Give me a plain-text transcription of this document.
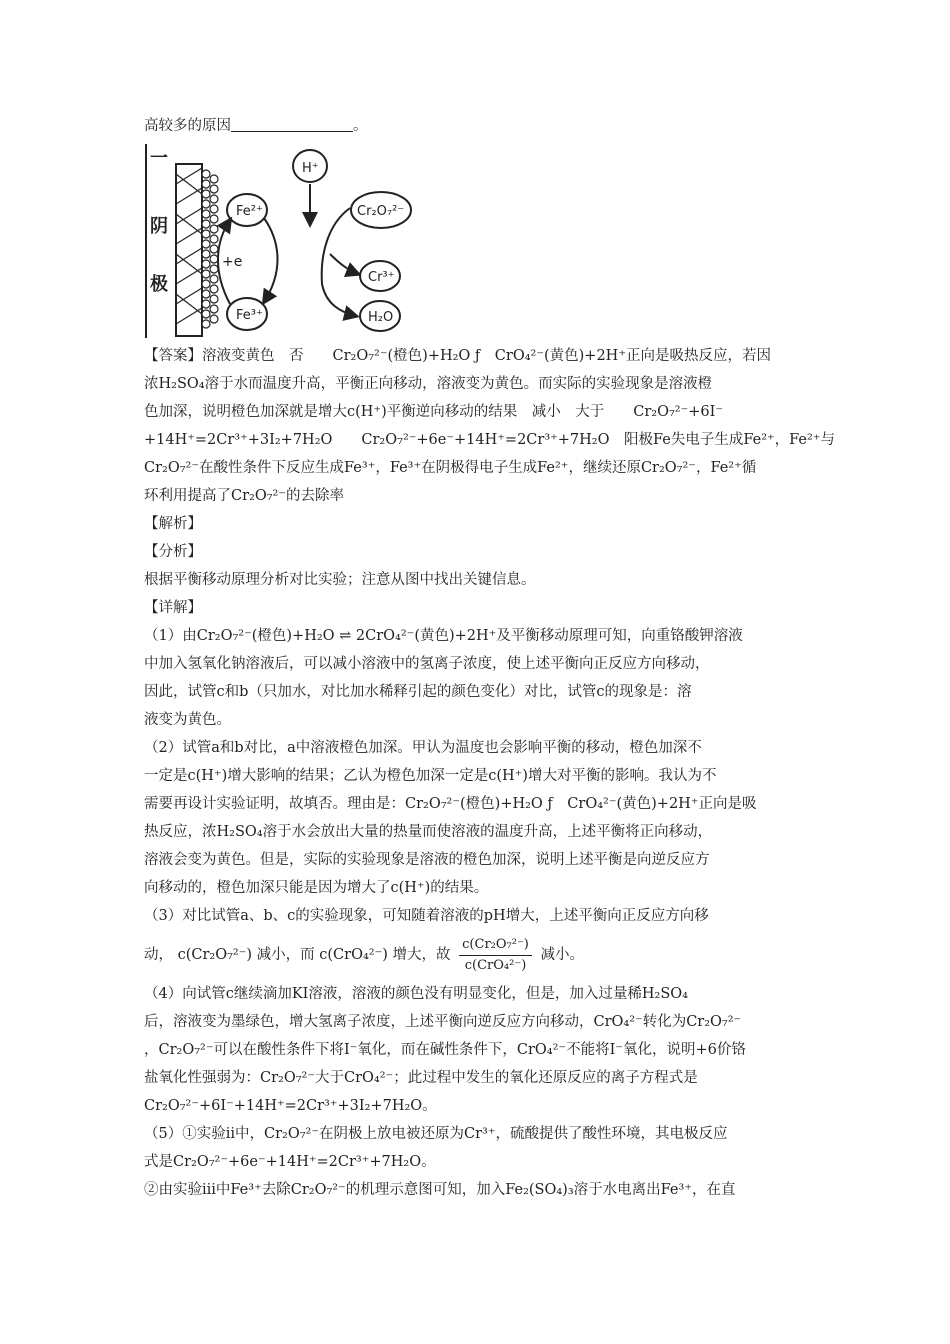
高较多的原因	。
一
阴
极
Fe²⁺
Fe³⁺
H⁺
Cr₂O₇²⁻
Cr³⁺
H₂O
+e
【答案】溶液变黄色　否　　Cr₂O₇²⁻(橙色)+H₂O ƒ　CrO₄²⁻(黄色)+2H⁺正向是吸热反应，若因
浓H₂SO₄溶于水而温度升高，平衡正向移动，溶液变为黄色。而实际的实验现象是溶液橙
色加深，说明橙色加深就是增大c(H⁺)平衡逆向移动的结果　减小　大于　　Cr₂O₇²⁻+6I⁻
+14H⁺=2Cr³⁺+3I₂+7H₂O　　Cr₂O₇²⁻+6e⁻+14H⁺=2Cr³⁺+7H₂O　阳极Fe失电子生成Fe²⁺，Fe²⁺与
Cr₂O₇²⁻在酸性条件下反应生成Fe³⁺，Fe³⁺在阴极得电子生成Fe²⁺，继续还原Cr₂O₇²⁻，Fe²⁺循
环利用提高了Cr₂O₇²⁻的去除率
【解析】
【分析】
根据平衡移动原理分析对比实验；注意从图中找出关键信息。
【详解】
（1）由Cr₂O₇²⁻(橙色)+H₂O ⇌ 2CrO₄²⁻(黄色)+2H⁺及平衡移动原理可知，向重铬酸钾溶液
中加入氢氧化钠溶液后，可以减小溶液中的氢离子浓度，使上述平衡向正反应方向移动，
因此，试管c和b（只加水，对比加水稀释引起的颜色变化）对比，试管c的现象是：溶
液变为黄色。
（2）试管a和b对比，a中溶液橙色加深。甲认为温度也会影响平衡的移动，橙色加深不
一定是c(H⁺)增大影响的结果；乙认为橙色加深一定是c(H⁺)增大对平衡的影响。我认为不
需要再设计实验证明，故填否。理由是：Cr₂O₇²⁻(橙色)+H₂O ƒ　CrO₄²⁻(黄色)+2H⁺正向是吸
热反应，浓H₂SO₄溶于水会放出大量的热量而使溶液的温度升高，上述平衡将正向移动，
溶液会变为黄色。但是，实际的实验现象是溶液的橙色加深，说明上述平衡是向逆反应方
向移动的，橙色加深只能是因为增大了c(H⁺)的结果。
（3）对比试管a、b、c的实验现象，可知随着溶液的pH增大，上述平衡向正反应方向移
动， c(Cr₂O₇²⁻) 减小，而 c(CrO₄²⁻) 增大，故 $\frac{\text{c(Cr₂O₇²⁻)}}{\text{c(CrO₄²⁻)}}$ 减小。
（4）向试管c继续滴加KI溶液，溶液的颜色没有明显变化，但是，加入过量稀H₂SO₄
后，溶液变为墨绿色，增大氢离子浓度，上述平衡向逆反应方向移动，CrO₄²⁻转化为Cr₂O₇²⁻
，Cr₂O₇²⁻可以在酸性条件下将I⁻氧化，而在碱性条件下，CrO₄²⁻不能将I⁻氧化，说明+6价铬
盐氧化性强弱为：Cr₂O₇²⁻大于CrO₄²⁻；此过程中发生的氧化还原反应的离子方程式是
Cr₂O₇²⁻+6I⁻+14H⁺=2Cr³⁺+3I₂+7H₂O。
（5）①实验ⅱ中，Cr₂O₇²⁻在阴极上放电被还原为Cr³⁺，硫酸提供了酸性环境，其电极反应
式是Cr₂O₇²⁻+6e⁻+14H⁺=2Cr³⁺+7H₂O。
②由实验ⅲ中Fe³⁺去除Cr₂O₇²⁻的机理示意图可知，加入Fe₂(SO₄)₃溶于水电离出Fe³⁺，在直
